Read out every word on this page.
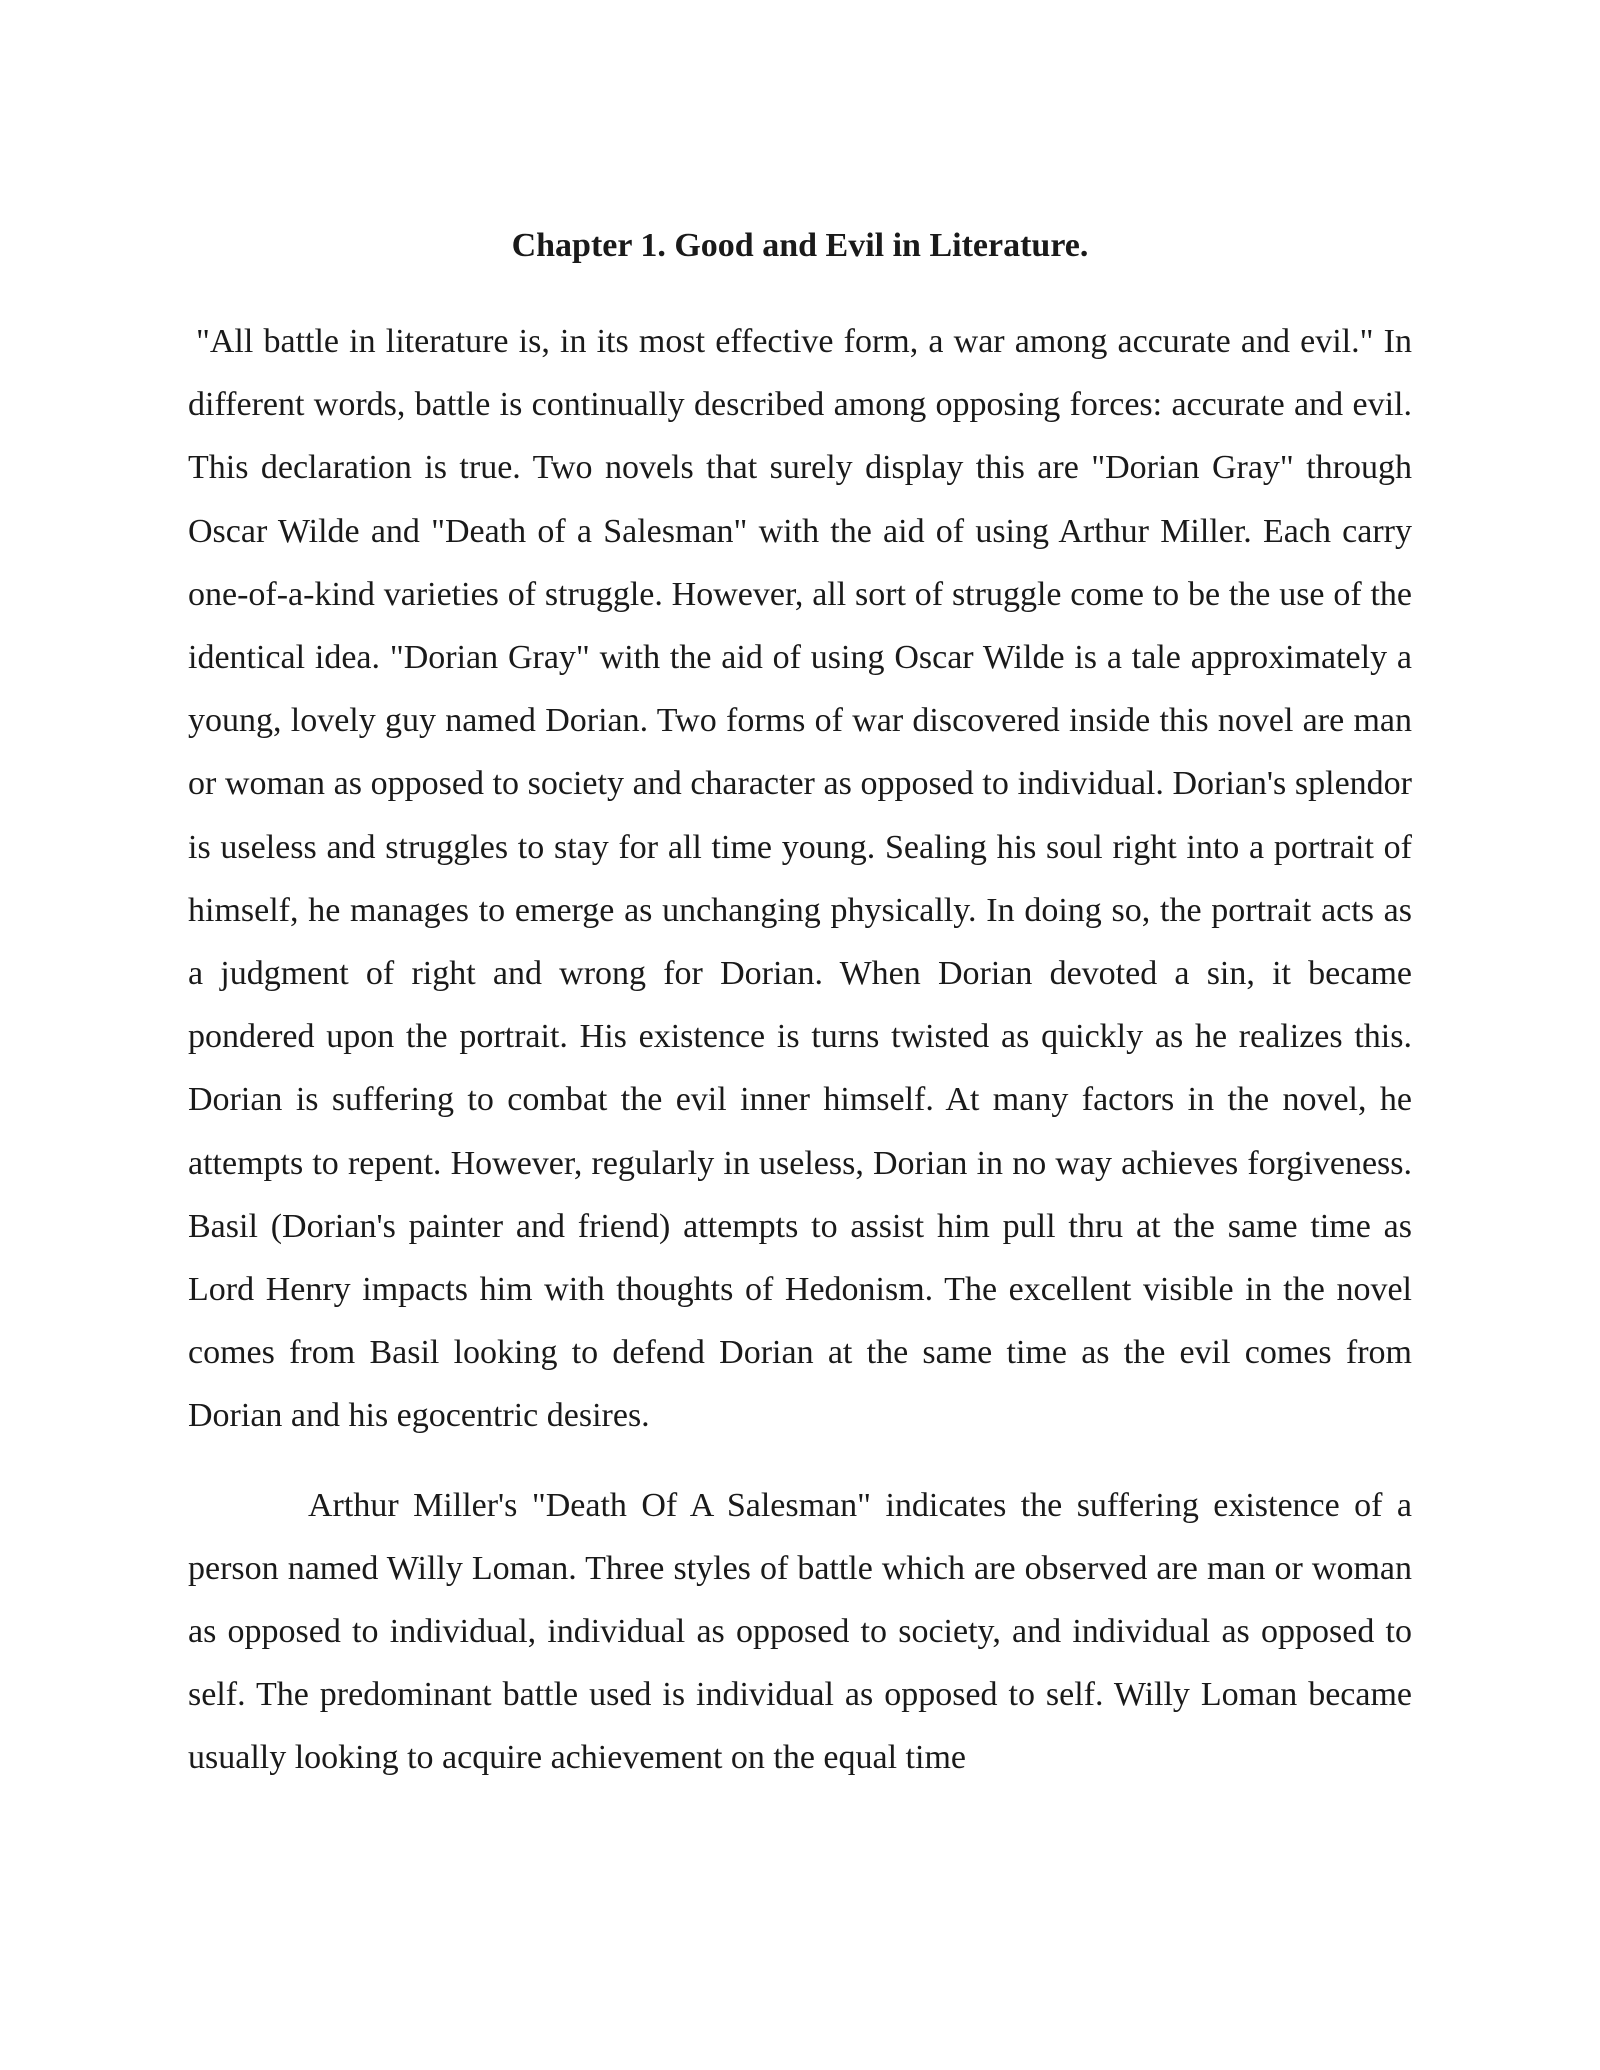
Chapter 1. Good and Evil in Literature.

"All battle in literature is, in its most effective form, a war among accurate and evil." In different words, battle is continually described among opposing forces: accurate and evil. This declaration is true. Two novels that surely display this are "Dorian Gray" through Oscar Wilde and "Death of a Salesman" with the aid of using Arthur Miller. Each carry one-of-a-kind varieties of struggle. However, all sort of struggle come to be the use of the identical idea. "Dorian Gray" with the aid of using Oscar Wilde is a tale approximately a young, lovely guy named Dorian. Two forms of war discovered inside this novel are man or woman as opposed to society and character as opposed to individual. Dorian's splendor is useless and struggles to stay for all time young. Sealing his soul right into a portrait of himself, he manages to emerge as unchanging physically. In doing so, the portrait acts as a judgment of right and wrong for Dorian. When Dorian devoted a sin, it became pondered upon the portrait. His existence is turns twisted as quickly as he realizes this. Dorian is suffering to combat the evil inner himself. At many factors in the novel, he attempts to repent. However, regularly in useless, Dorian in no way achieves forgiveness. Basil (Dorian's painter and friend) attempts to assist him pull thru at the same time as Lord Henry impacts him with thoughts of Hedonism. The excellent visible in the novel comes from Basil looking to defend Dorian at the same time as the evil comes from Dorian and his egocentric desires.

Arthur Miller's "Death Of A Salesman" indicates the suffering existence of a person named Willy Loman. Three styles of battle which are observed are man or woman as opposed to individual, individual as opposed to society, and individual as opposed to self. The predominant battle used is individual as opposed to self. Willy Loman became usually looking to acquire achievement on the equal time
